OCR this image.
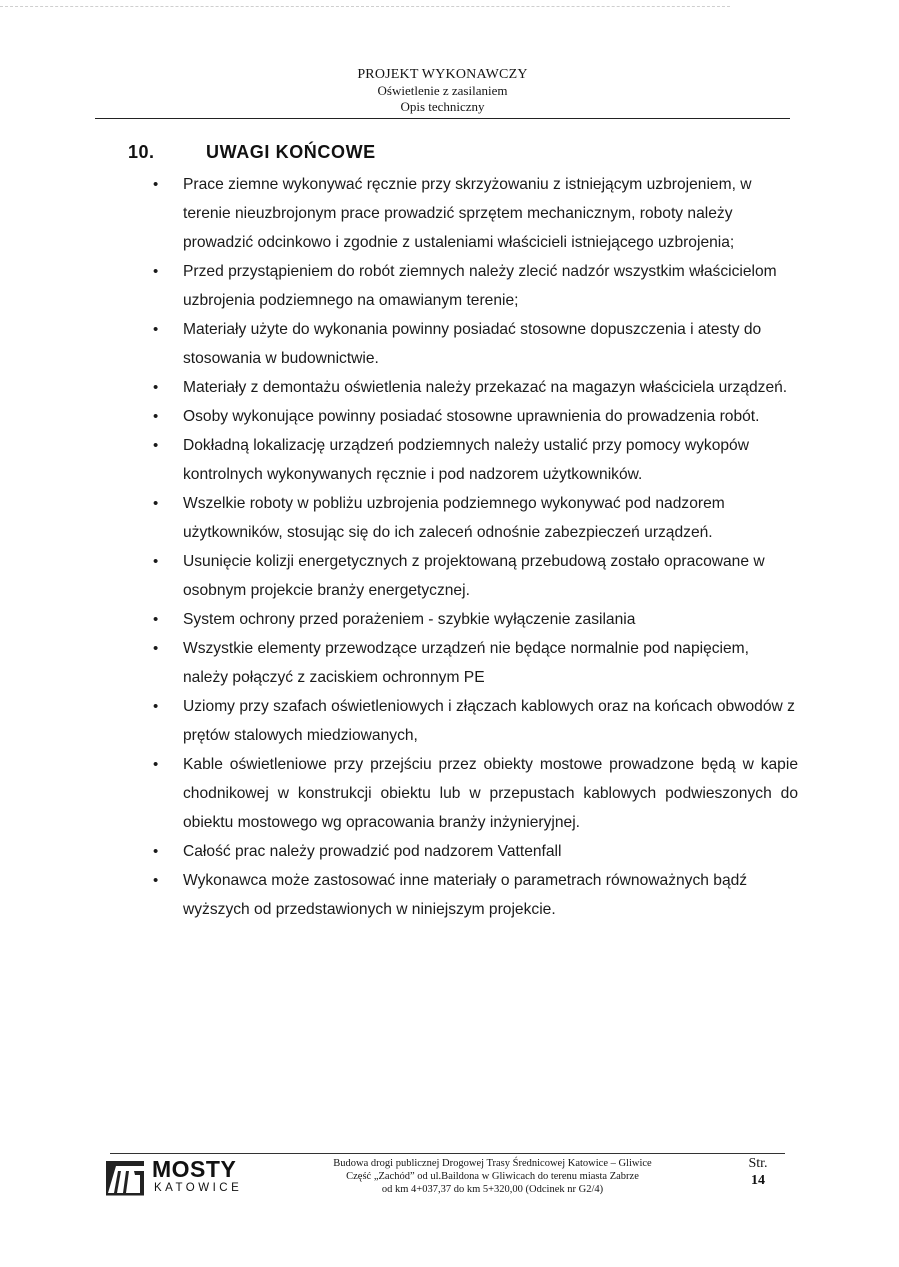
PROJEKT WYKONAWCZY
Oświetlenie z zasilaniem
Opis techniczny
10.	UWAGI KOŃCOWE
• Prace ziemne wykonywać ręcznie przy skrzyżowaniu z istniejącym uzbrojeniem, w terenie nieuzbrojonym prace prowadzić sprzętem mechanicznym, roboty należy prowadzić odcinkowo i zgodnie z ustaleniami właścicieli istniejącego uzbrojenia;
• Przed przystąpieniem do robót ziemnych należy zlecić nadzór wszystkim właścicielom uzbrojenia podziemnego na omawianym terenie;
• Materiały użyte do wykonania powinny posiadać stosowne dopuszczenia i atesty do stosowania w budownictwie.
• Materiały z demontażu oświetlenia należy przekazać na magazyn właściciela urządzeń.
• Osoby wykonujące powinny posiadać stosowne uprawnienia do prowadzenia robót.
• Dokładną lokalizację urządzeń podziemnych należy ustalić przy pomocy wykopów kontrolnych wykonywanych ręcznie i pod nadzorem użytkowników.
• Wszelkie roboty w pobliżu uzbrojenia podziemnego wykonywać pod nadzorem użytkowników, stosując się do ich zaleceń odnośnie zabezpieczeń urządzeń.
• Usunięcie kolizji energetycznych z projektowaną przebudową zostało opracowane w osobnym projekcie branży energetycznej.
• System ochrony przed porażeniem - szybkie wyłączenie zasilania
• Wszystkie elementy przewodzące urządzeń nie będące normalnie pod napięciem, należy połączyć z zaciskiem ochronnym PE
• Uziomy przy szafach oświetleniowych i złączach kablowych oraz na końcach obwodów z prętów stalowych miedziowanych,
• Kable oświetleniowe przy przejściu przez obiekty mostowe prowadzone będą w kapie chodnikowej w konstrukcji obiektu lub w przepustach kablowych podwieszonych do obiektu mostowego wg opracowania branży inżynieryjnej.
• Całość prac należy prowadzić pod nadzorem Vattenfall
• Wykonawca może zastosować inne materiały o parametrach równoważnych bądź wyższych od przedstawionych w niniejszym projekcie.
MOSTY
KATOWICE
Budowa drogi publicznej Drogowej Trasy Średnicowej Katowice – Gliwice
Część „Zachód” od ul.Baildona w Gliwicach do terenu miasta Zabrze
od km 4+037,37 do km 5+320,00 (Odcinek nr G2/4)
Str.
14
